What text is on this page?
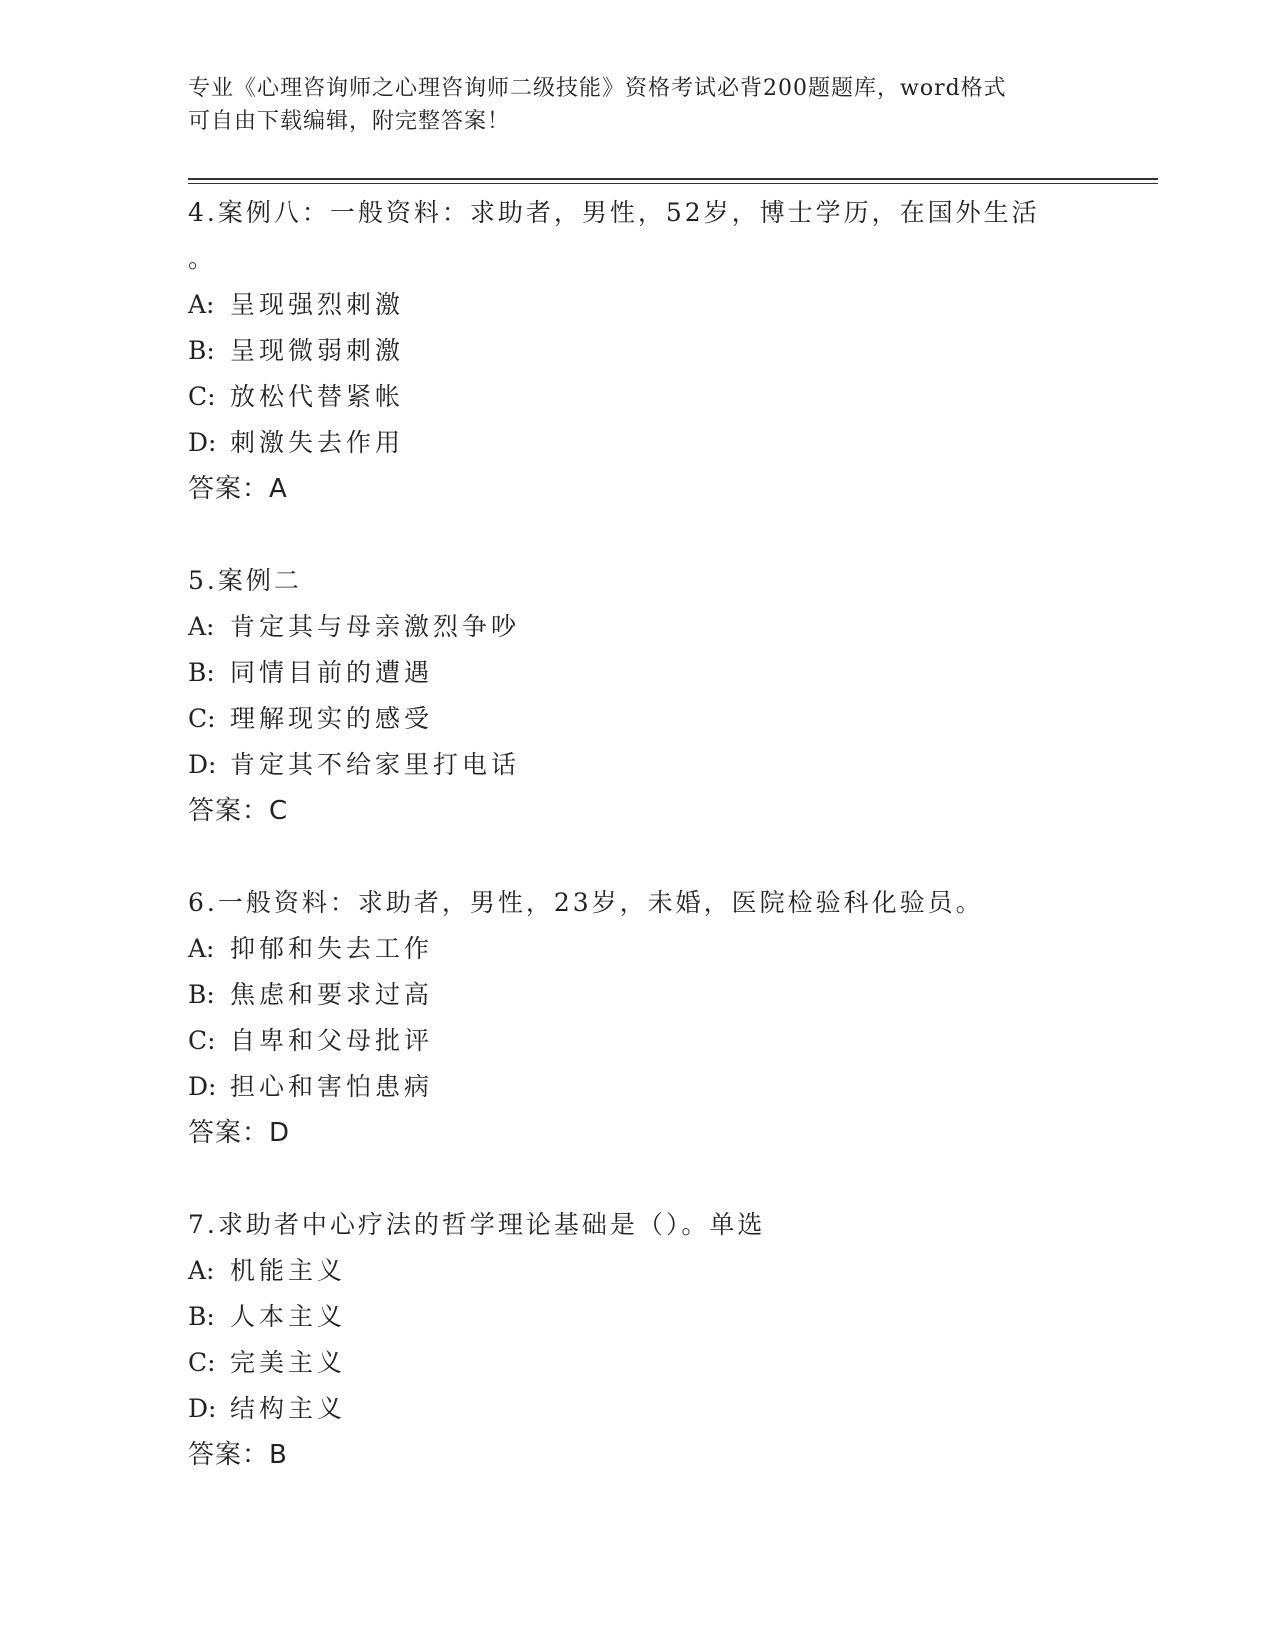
专业《心理咨询师之心理咨询师二级技能》资格考试必背200题题库，word格式
可自由下载编辑，附完整答案！
4.案例八：一般资料：求助者，男性，52岁，博士学历，在国外生活
。
A: 呈现强烈刺激
B: 呈现微弱刺激
C: 放松代替紧帐
D: 刺激失去作用
答案：A
5.案例二
A: 肯定其与母亲激烈争吵
B: 同情目前的遭遇
C: 理解现实的感受
D: 肯定其不给家里打电话
答案：C
6.一般资料：求助者，男性，23岁，未婚，医院检验科化验员。
A: 抑郁和失去工作
B: 焦虑和要求过高
C: 自卑和父母批评
D: 担心和害怕患病
答案：D
7.求助者中心疗法的哲学理论基础是（）。单选
A: 机能主义
B: 人本主义
C: 完美主义
D: 结构主义
答案：B
